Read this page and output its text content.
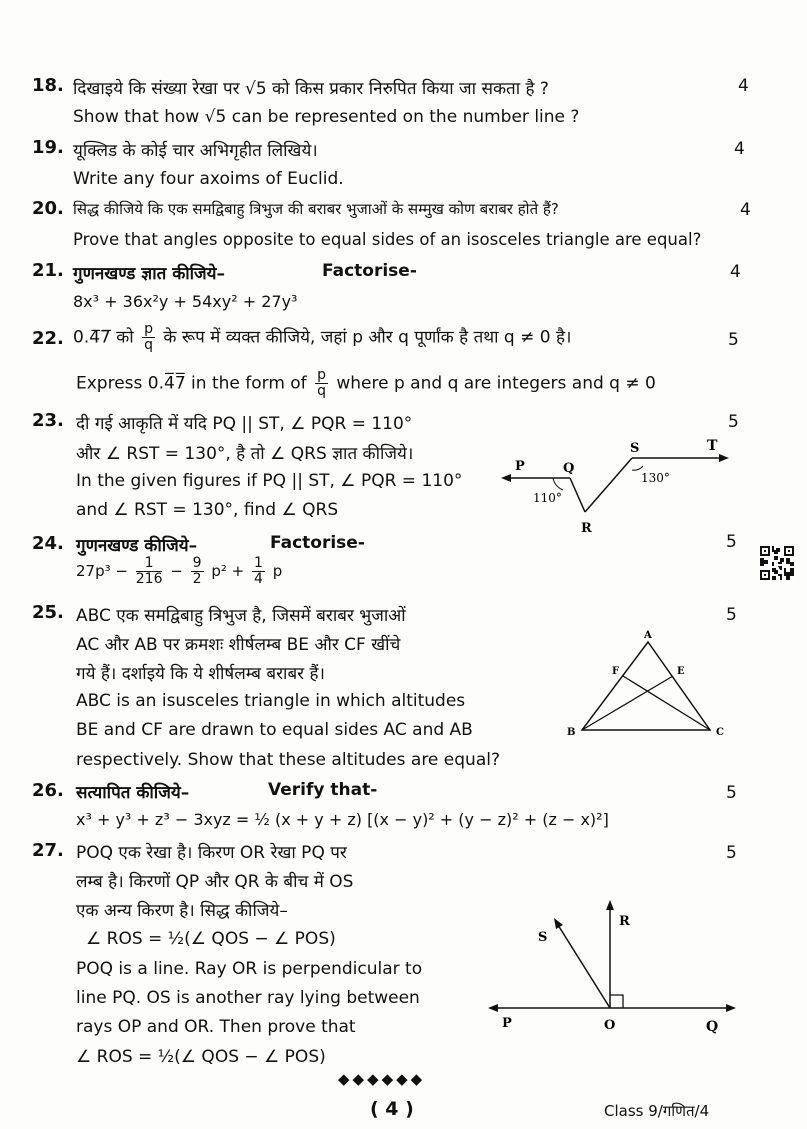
18. दिखाइये कि संख्या रेखा पर √5 को किस प्रकार निरुपित किया जा सकता है ?	4
Show that how √5 can be represented on the number line ?
19. यूक्लिड के कोई चार अभिगृहीत लिखिये।	4
Write any four axoims of Euclid.
20. सिद्ध कीजिये कि एक समद्विबाहु त्रिभुज की बराबर भुजाओं के सम्मुख कोण बराबर होते हैं?	4
Prove that angles opposite to equal sides of an isosceles triangle are equal?
21. गुणनखण्ड ज्ञात कीजिये–	Factorise-	4
8x³ + 36x²y + 54xy² + 27y³
22. 0.4̅7̅ को $\frac{p}{q}$ के रूप में व्यक्त कीजिये, जहां p और q पूर्णांक है तथा q ≠ 0 है।	5
Express 0.4̅7̅ in the form of $\frac{p}{q}$ where p and q are integers and q ≠ 0
23. दी गई आकृति में यदि PQ || ST, ∠ PQR = 110°	5
और ∠ RST = 130°, है तो ∠ QRS ज्ञात कीजिये।
In the given figures if PQ || ST, ∠ PQR = 110°
and ∠ RST = 130°, find ∠ QRS
P	Q
R
S	T
110°
130°
24. गुणनखण्ड कीजिये–	Factorise-	5
$27p^3 - \frac{1}{216} - \frac{9}{2} p^2 + \frac{1}{4}$ p
25. ABC एक समद्विबाहु त्रिभुज है, जिसमें बराबर भुजाओं	5
AC और AB पर क्रमशः शीर्षलम्ब BE और CF खींचे
गये हैं। दर्शाइये कि ये शीर्षलम्ब बराबर हैं।
ABC is an isusceles triangle in which altitudes
BE and CF are drawn to equal sides AC and AB
respectively. Show that these altitudes are equal?
A
B	C
E
F
26. सत्यापित कीजिये–	Verify that-	5
x³ + y³ + z³ − 3xyz = ½ (x + y + z) [(x − y)² + (y − z)² + (z − x)²]
27. POQ एक रेखा है। किरण OR रेखा PQ पर	5
लम्ब है। किरणों QP और QR के बीच में OS
एक अन्य किरण है। सिद्ध कीजिये–
∠ ROS = ½(∠ QOS − ∠ POS)
POQ is a line. Ray OR is perpendicular to
line PQ. OS is another ray lying between
rays OP and OR. Then prove that
∠ ROS = ½(∠ QOS − ∠ POS)
P	O	Q
R
S
◆◆◆◆◆◆
( 4 )	Class 9/गणित/4
